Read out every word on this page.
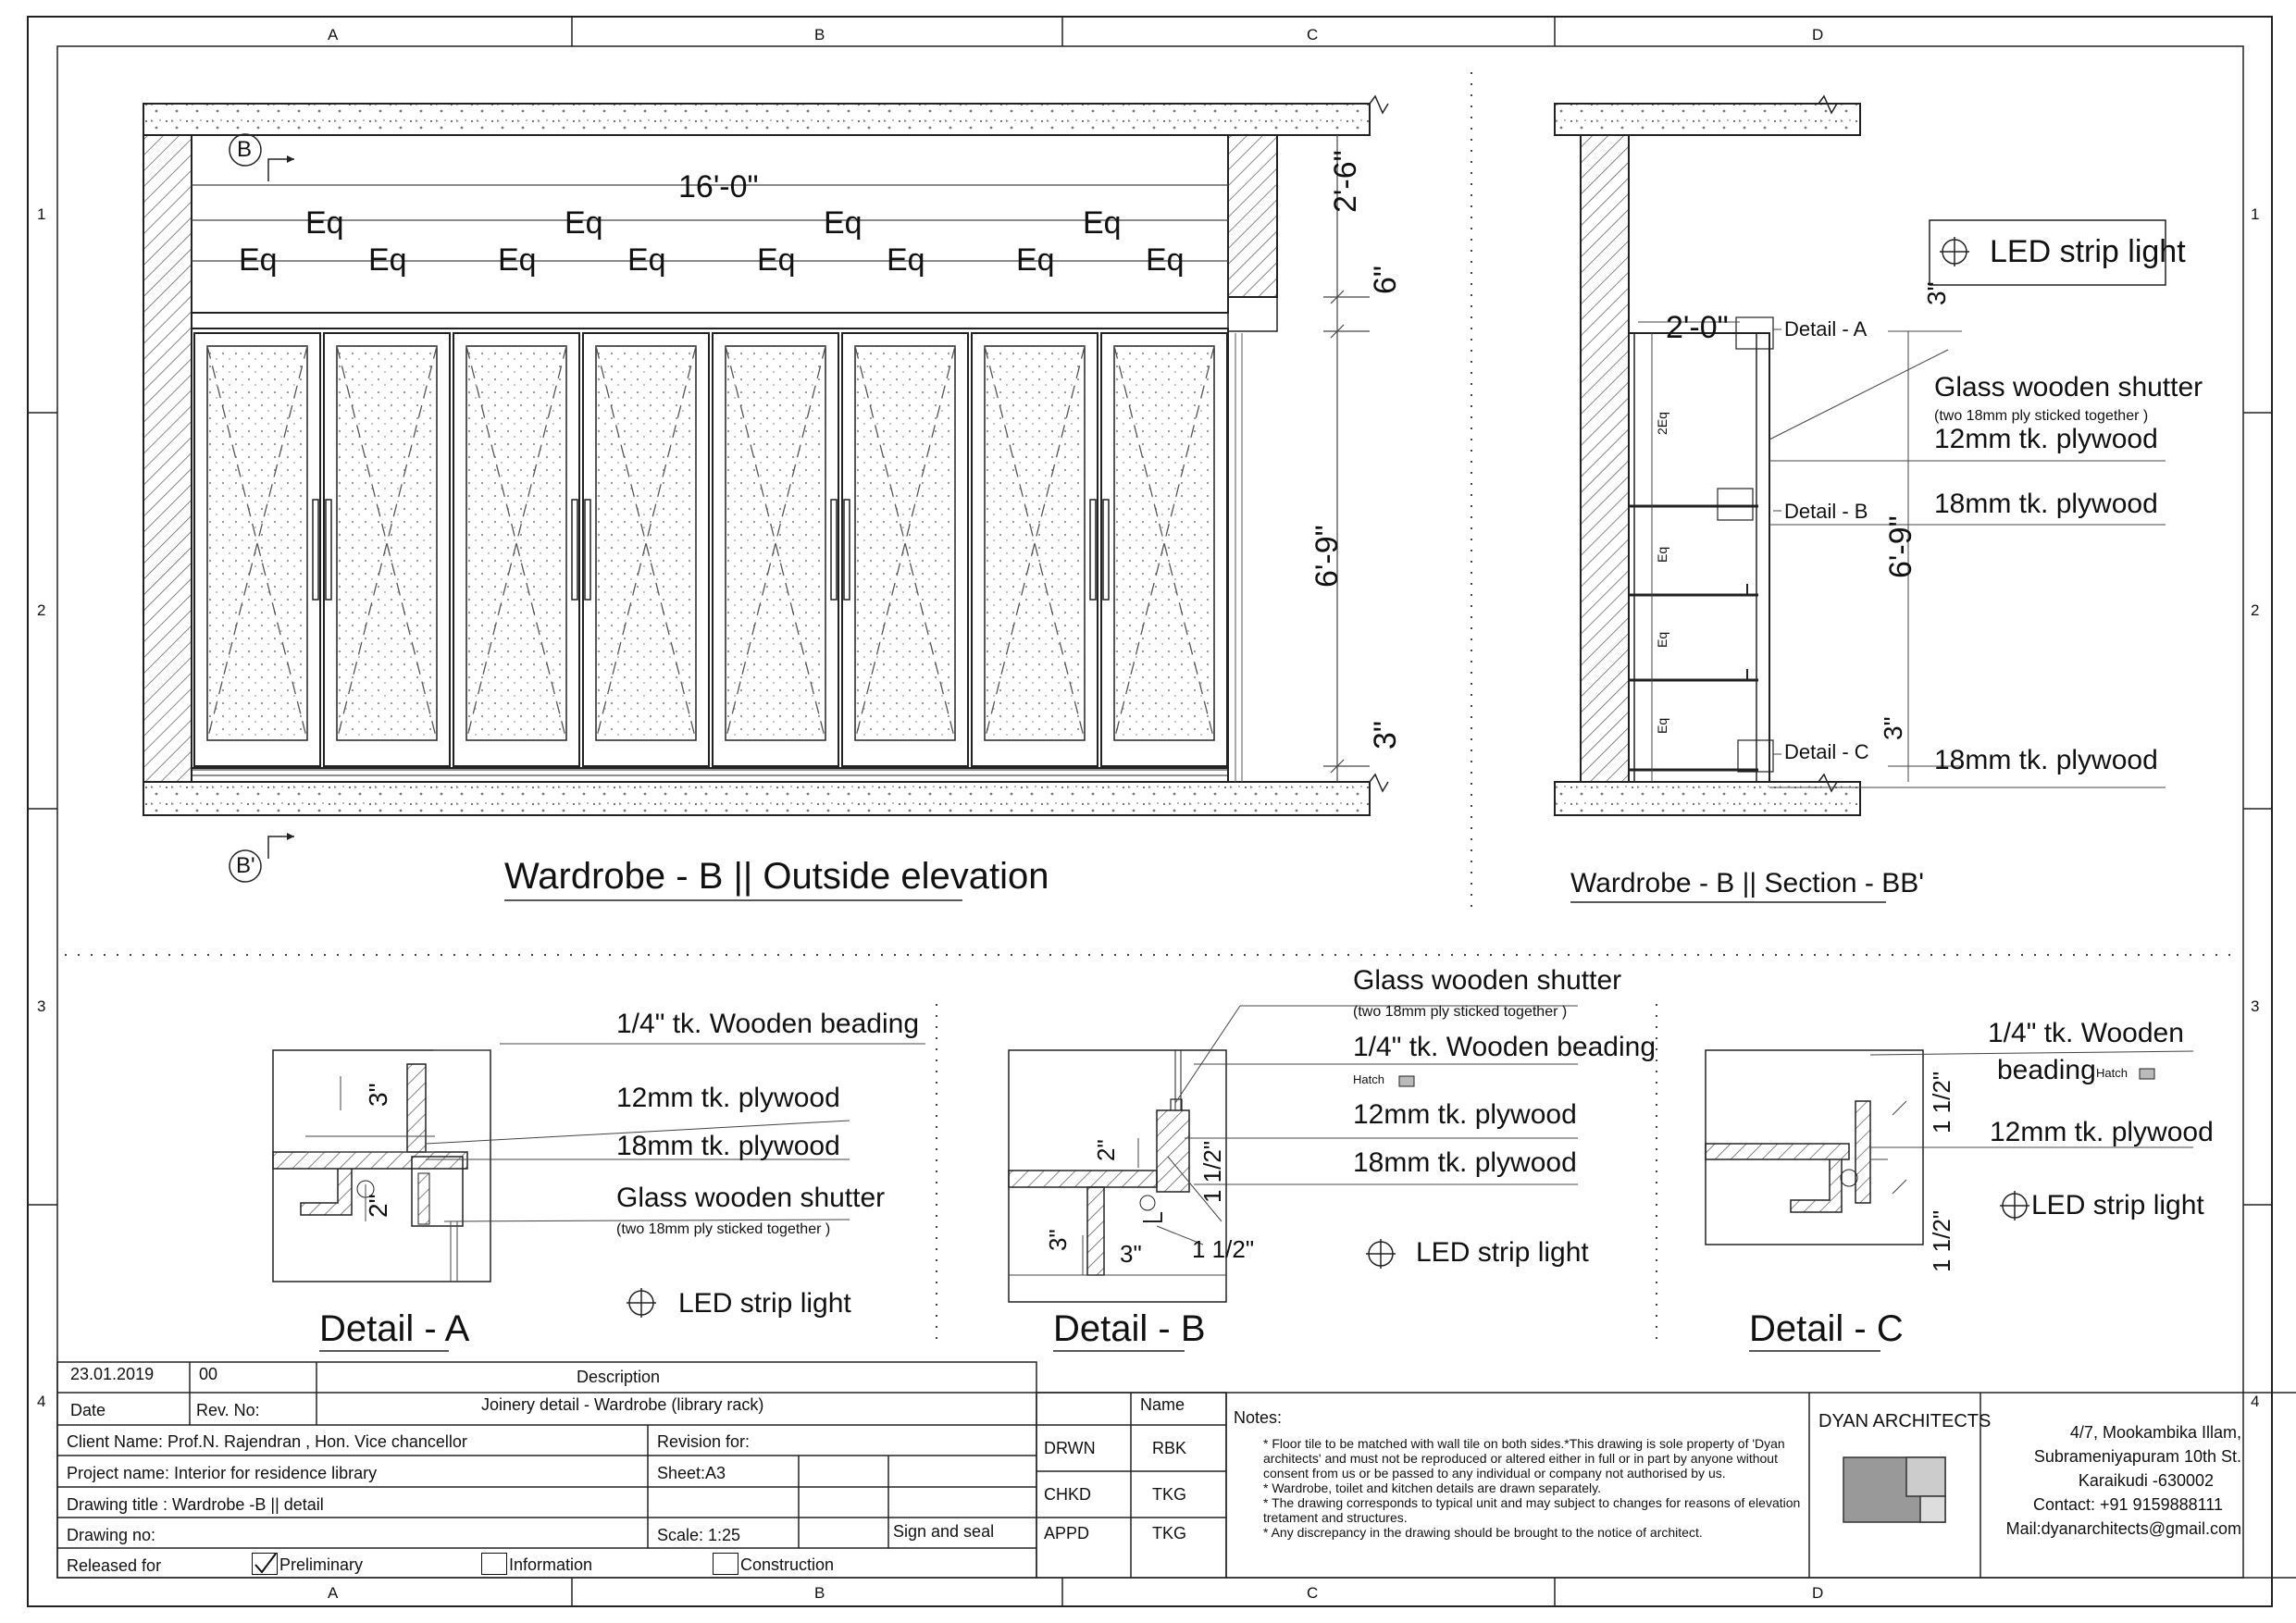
A	B	C	D
A	B	C	D
1
2
3
4
1
2
3
4
B
B'
16'-0"
Eq	Eq	Eq	Eq
Eq	Eq	Eq	Eq	Eq	Eq	Eq	Eq
2'-6"
6"
6'-9"
3"
Wardrobe - B || Outside elevation
2'-0"
LED strip light
3"
6'-9"
3"
2Eq
Eq
Eq
Eq
Detail - A
Detail - B
Detail - C
Glass wooden shutter
(two 18mm ply sticked together )
12mm tk. plywood
18mm tk. plywood
18mm tk. plywood
Wardrobe - B || Section - BB'
1/4" tk. Wooden beading
12mm tk. plywood
18mm tk. plywood
Glass wooden shutter
(two 18mm ply sticked together )
LED strip light
3"
2"
Detail - A
Glass wooden shutter
(two 18mm ply sticked together )
1/4" tk. Wooden beading
Hatch
12mm tk. plywood
18mm tk. plywood
LED strip light
2"	1 1/2"
3" 3" 1 1/2"
Detail - B
1/4" tk. Wooden
beading Hatch
12mm tk. plywood
LED strip light
1 1/2"
1 1/2"
Detail - C
23.01.2019	00	Description
Date	Rev. No:	Joinery detail - Wardrobe (library rack)	Name
Client Name: Prof.N. Rajendran , Hon. Vice chancellor
Project name: Interior for residence library
Drawing title : Wardrobe -B || detail
Drawing no:
Revision for:
Sheet:A3
Scale: 1:25	Sign and seal
DRWN	RBK
CHKD	TKG
APPD	TKG
Released for	Preliminary	Information	Construction
Notes:
* Floor tile to be matched with wall tile on both sides.*This drawing is sole property of 'Dyan
architects' and must not be reproduced or altered either in full or in part by anyone without
consent from us or be passed to any individual or company not authorised by us.
* Wardrobe, toilet and kitchen details are drawn separately.
* The drawing corresponds to typical unit and may subject to changes for reasons of elevation
tretament and structures.
* Any discrepancy in the drawing should be brought to the notice of architect.
DYAN ARCHITECTS
4/7, Mookambika Illam,
Subrameniyapuram 10th St.
Karaikudi -630002
Contact: +91 9159888111
Mail:dyanarchitects@gmail.com
